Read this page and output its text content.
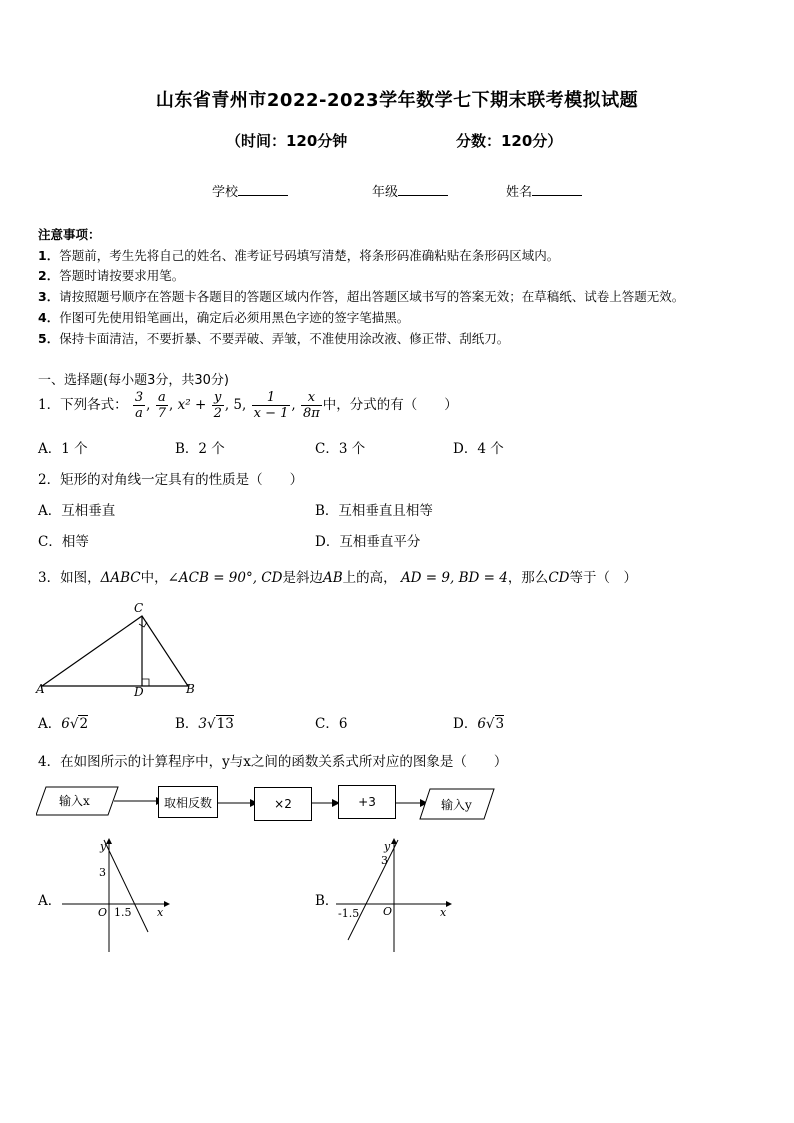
山东省青州市2022-2023学年数学七下期末联考模拟试题
（时间：120分钟	分数：120分）
学校	年级	姓名
注意事项：
1．答题前，考生先将自己的姓名、准考证号码填写清楚，将条形码准确粘贴在条形码区域内。
2．答题时请按要求用笔。
3．请按照题号顺序在答题卡各题目的答题区域内作答，超出答题区域书写的答案无效；在草稿纸、试卷上答题无效。
4．作图可先使用铅笔画出，确定后必须用黑色字迹的签字笔描黑。
5．保持卡面清洁，不要折暴、不要弄破、弄皱，不准使用涂改液、修正带、刮纸刀。
一、选择题(每小题3分，共30分)
1．下列各式： $\frac{3}{a}$ , $\frac{a}{7}$ , $x^2 + \frac{y}{2}$ , 5, $\frac{1}{x - 1}$ , $\frac{x}{8\pi}$ 中，分式的有（　　）
A．1 个	B．2 个	C．3 个	D．4 个
2．矩形的对角线一定具有的性质是（　　）
A．互相垂直	B．互相垂直且相等
C．相等	D．互相垂直平分
3．如图，ΔABC中，∠ACB = 90°, CD是斜边AB上的高， AD = 9, BD = 4，那么CD等于（　）
C
A	D	B
A．6√2	B．3√13	C．6	D．6√3
4．在如图所示的计算程序中，y与x之间的函数关系式所对应的图象是（　　）
输入x	输入y
取相反数	×2	+3
A．
y
3
O 1.5 x
B．
y
3
-1.5 O	x
